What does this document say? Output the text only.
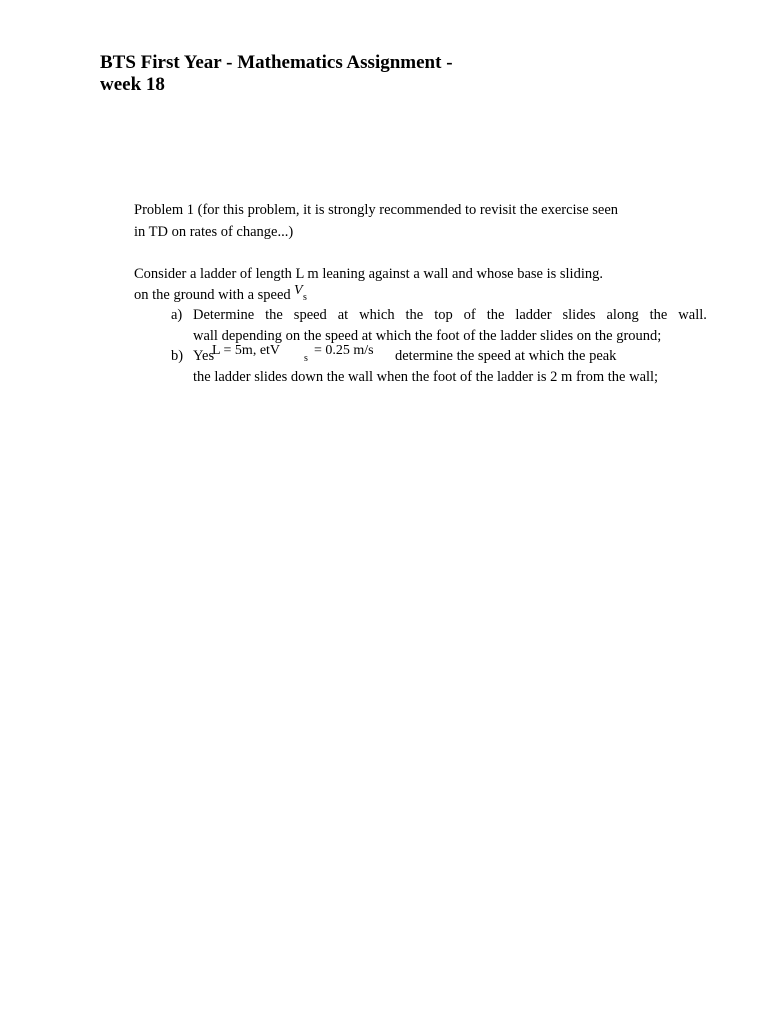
BTS First Year - Mathematics Assignment -
week 18
Problem 1 (for this problem, it is strongly recommended to revisit the exercise seen
in TD on rates of change...)
Consider a ladder of length L m leaning against a wall and whose base is sliding.
on the ground with a speed V s
a) Determine the speed at which the top of the ladder slides along the wall.
wall depending on the speed at which the foot of the ladder slides on the ground;
b) Yes
L = 5m, etV
s
= 0.25 m/s determine the speed at which the peak
the ladder slides down the wall when the foot of the ladder is 2 m from the wall;
